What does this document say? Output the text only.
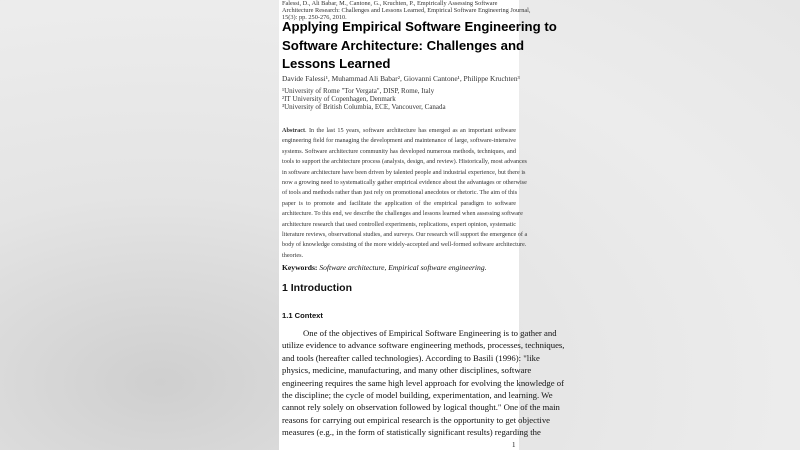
Falessi, D., Ali Babar, M., Cantone, G., Kruchten, P., Empirically Assessing Software
Architecture Research: Challenges and Lessons Learned, Empirical Software Engineering Journal,
15(3): pp. 250-276, 2010.
Applying Empirical Software Engineering to
Software Architecture: Challenges and
Lessons Learned
Davide Falessi¹, Muhammad Ali Babar², Giovanni Cantone¹, Philippe Kruchten³
¹University of Rome "Tor Vergata", DISP, Rome, Italy
²IT University of Copenhagen, Denmark
³University of British Columbia, ECE, Vancouver, Canada
Abstract. In the last 15 years, software architecture has emerged as an important software
engineering field for managing the development and maintenance of large, software-intensive
systems. Software architecture community has developed numerous methods, techniques, and
tools to support the architecture process (analysis, design, and review). Historically, most advances
in software architecture have been driven by talented people and industrial experience, but there is
now a growing need to systematically gather empirical evidence about the advantages or otherwise
of tools and methods rather than just rely on promotional anecdotes or rhetoric. The aim of this
paper is to promote and facilitate the application of the empirical paradigm to software
architecture. To this end, we describe the challenges and lessons learned when assessing software
architecture research that used controlled experiments, replications, expert opinion, systematic
literature reviews, observational studies, and surveys. Our research will support the emergence of a
body of knowledge consisting of the more widely-accepted and well-formed software architecture.
theories.
Keywords: Software architecture, Empirical software engineering.
1 Introduction
1.1 Context
One of the objectives of Empirical Software Engineering is to gather and
utilize evidence to advance software engineering methods, processes, techniques,
and tools (hereafter called technologies). According to Basili (1996): "like
physics, medicine, manufacturing, and many other disciplines, software
engineering requires the same high level approach for evolving the knowledge of
the discipline; the cycle of model building, experimentation, and learning. We
cannot rely solely on observation followed by logical thought." One of the main
reasons for carrying out empirical research is the opportunity to get objective
measures (e.g., in the form of statistically significant results) regarding the
1
